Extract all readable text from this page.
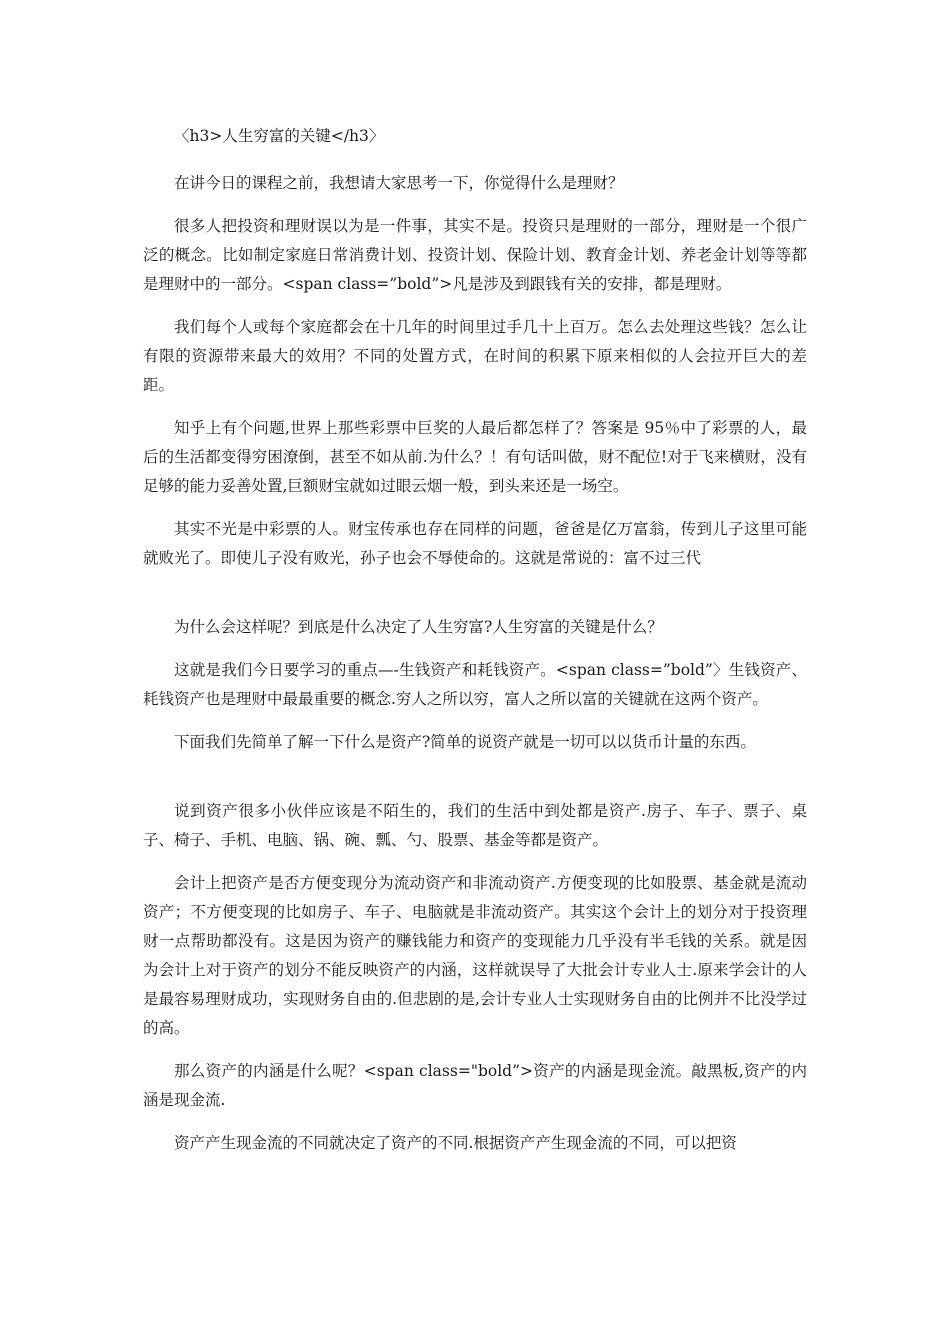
〈h3>人生穷富的关键</h3〉

在讲今日的课程之前，我想请大家思考一下，你觉得什么是理财？

很多人把投资和理财误以为是一件事，其实不是。投资只是理财的一部分，理财是一个很广泛的概念。比如制定家庭日常消费计划、投资计划、保险计划、教育金计划、养老金计划等等都是理财中的一部分。<span class=”bold”>凡是涉及到跟钱有关的安排，都是理财。

我们每个人或每个家庭都会在十几年的时间里过手几十上百万。怎么去处理这些钱？怎么让有限的资源带来最大的效用？不同的处置方式，在时间的积累下原来相似的人会拉开巨大的差距。

知乎上有个问题,世界上那些彩票中巨奖的人最后都怎样了？答案是 95％中了彩票的人，最后的生活都变得穷困潦倒，甚至不如从前.为什么？！有句话叫做，财不配位!对于飞来横财，没有足够的能力妥善处置,巨额财宝就如过眼云烟一般，到头来还是一场空。

其实不光是中彩票的人。财宝传承也存在同样的问题，爸爸是亿万富翁，传到儿子这里可能就败光了。即使儿子没有败光，孙子也会不辱使命的。这就是常说的：富不过三代

为什么会这样呢？到底是什么决定了人生穷富?人生穷富的关键是什么？

这就是我们今日要学习的重点—-生钱资产和耗钱资产。<span class=”bold”〉生钱资产、耗钱资产也是理财中最最重要的概念.穷人之所以穷，富人之所以富的关键就在这两个资产。

下面我们先简单了解一下什么是资产?简单的说资产就是一切可以以货币计量的东西。

说到资产很多小伙伴应该是不陌生的，我们的生活中到处都是资产.房子、车子、票子、桌子、椅子、手机、电脑、锅、碗、瓢、勺、股票、基金等都是资产。

会计上把资产是否方便变现分为流动资产和非流动资产.方便变现的比如股票、基金就是流动资产；不方便变现的比如房子、车子、电脑就是非流动资产。其实这个会计上的划分对于投资理财一点帮助都没有。这是因为资产的赚钱能力和资产的变现能力几乎没有半毛钱的关系。就是因为会计上对于资产的划分不能反映资产的内涵，这样就误导了大批会计专业人士.原来学会计的人是最容易理财成功，实现财务自由的.但悲剧的是,会计专业人士实现财务自由的比例并不比没学过的高。

那么资产的内涵是什么呢？<span class="bold”>资产的内涵是现金流。敲黑板,资产的内涵是现金流.

资产产生现金流的不同就决定了资产的不同.根据资产产生现金流的不同，可以把资
